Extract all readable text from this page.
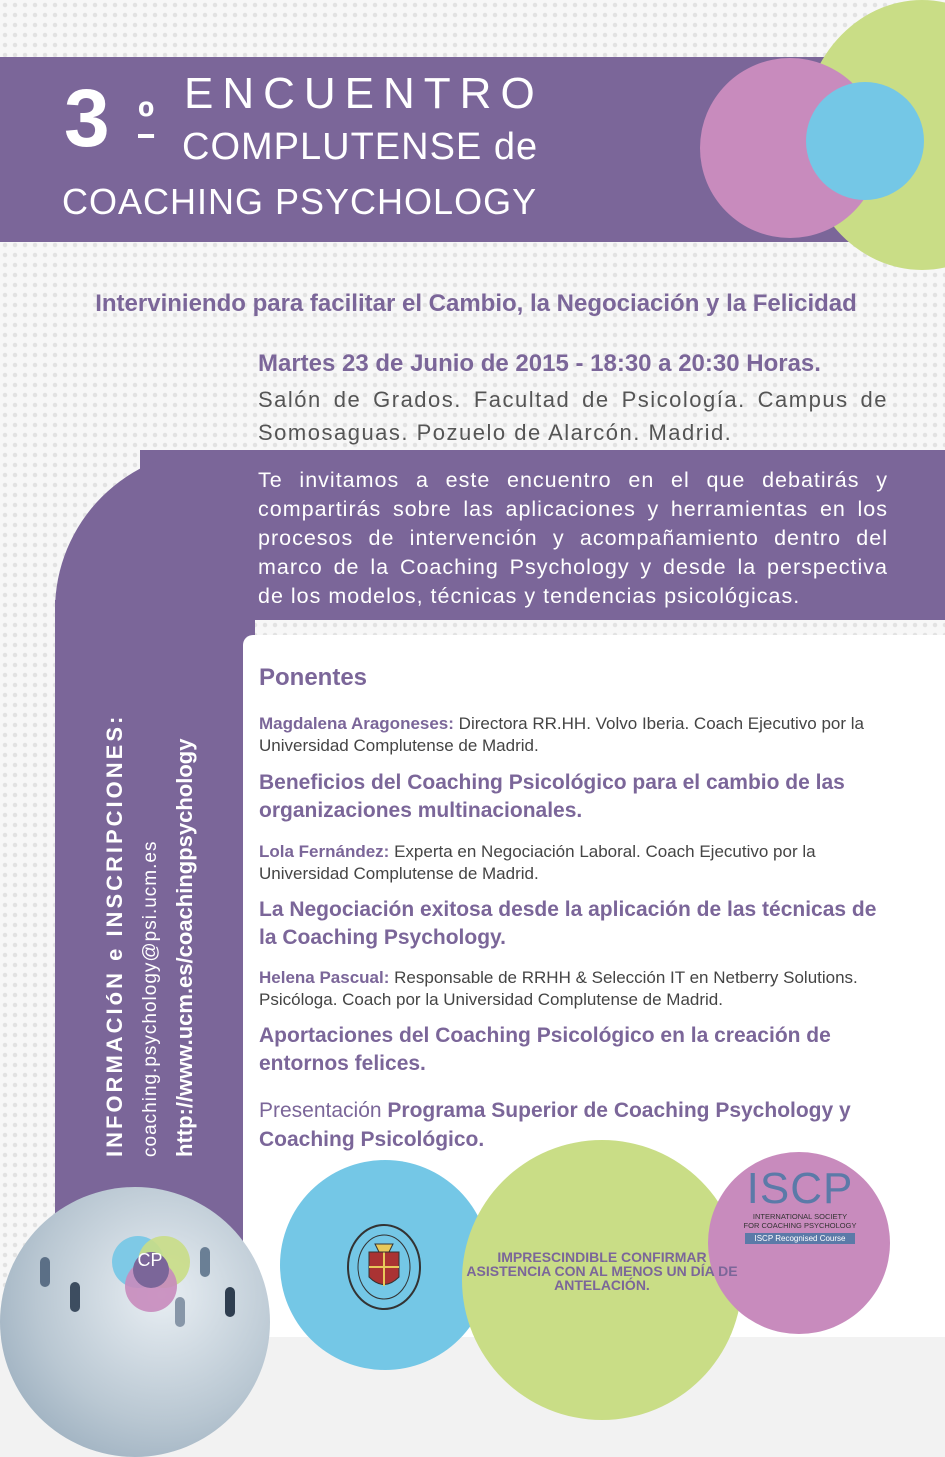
3 º ENCUENTRO
COMPLUTENSE de
COACHING PSYCHOLOGY
Interviniendo para facilitar el Cambio, la Negociación y la Felicidad
Martes 23 de Junio de 2015 - 18:30 a 20:30 Horas.
Salón de Grados. Facultad de Psicología. Campus de Somosaguas. Pozuelo de Alarcón. Madrid.
Te invitamos a este encuentro en el que debatirás y compartirás sobre las aplicaciones y herramientas en los procesos de intervención y acompañamiento dentro del marco de la Coaching Psychology y desde la perspectiva de los modelos, técnicas y tendencias psicológicas.
Ponentes
Magdalena Aragoneses: Directora RR.HH. Volvo Iberia. Coach Ejecutivo por la Universidad Complutense de Madrid.
Beneficios del Coaching Psicológico para el cambio de las organizaciones multinacionales.
Lola Fernández: Experta en Negociación Laboral. Coach Ejecutivo por la Universidad Complutense de Madrid.
La Negociación exitosa desde la aplicación de las técnicas de la Coaching Psychology.
Helena Pascual: Responsable de RRHH & Selección IT en Netberry Solutions. Psicóloga. Coach por la Universidad Complutense de Madrid.
Aportaciones del Coaching Psicológico en la creación de entornos felices.
Presentación Programa Superior de Coaching Psychology y Coaching Psicológico.
INFORMACIóN e INSCRIPCIONES: coaching.psychology@psi.ucm.es http://www.ucm.es/coachingpsychology
CP	IMPRESCINDIBLE CONFIRMAR ASISTENCIA CON AL MENOS UN DÍA DE ANTELACIÓN.
ISCP
INTERNATIONAL SOCIETY
FOR COACHING PSYCHOLOGY
ISCP Recognised Course
